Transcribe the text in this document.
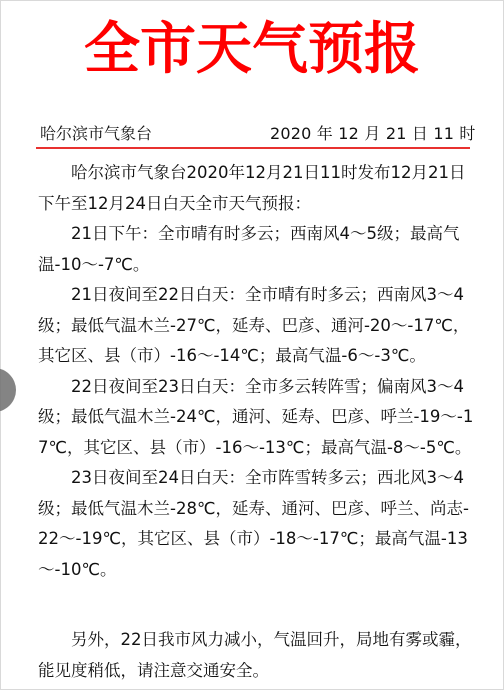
全市天气预报
哈尔滨市气象台	2020 年 12 月 21 日 11 时

哈尔滨市气象台2020年12月21日11时发布12月21日下午至12月24日白天全市天气预报：

21日下午：全市晴有时多云；西南风4～5级；最高气温-10～-7℃。

21日夜间至22日白天：全市晴有时多云；西南风3～4级；最低气温木兰-27℃，延寿、巴彦、通河-20～-17℃，其它区、县（市）-16～-14℃；最高气温-6～-3℃。

22日夜间至23日白天：全市多云转阵雪；偏南风3～4级；最低气温木兰-24℃，通河、延寿、巴彦、呼兰-19～-17℃，其它区、县（市）-16～-13℃；最高气温-8～-5℃。

23日夜间至24日白天：全市阵雪转多云；西北风3～4级；最低气温木兰-28℃，延寿、通河、巴彦、呼兰、尚志-22～-19℃，其它区、县（市）-18～-17℃；最高气温-13～-10℃。

另外，22日我市风力减小，气温回升，局地有雾或霾，能见度稍低，请注意交通安全。
